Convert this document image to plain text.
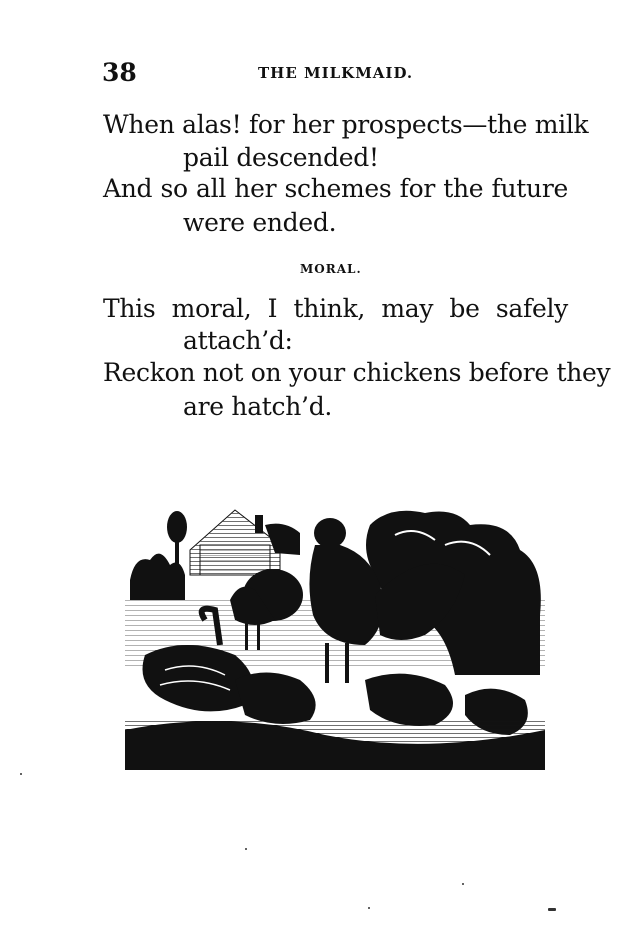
38	THE MILKMAID.
When alas! for her prospects—the milk
pail descended!
And so all her schemes for the future
were ended.
MORAL.
This moral, I think, may be safely
attach’d:
Reckon not on your chickens before they
are hatch’d.
